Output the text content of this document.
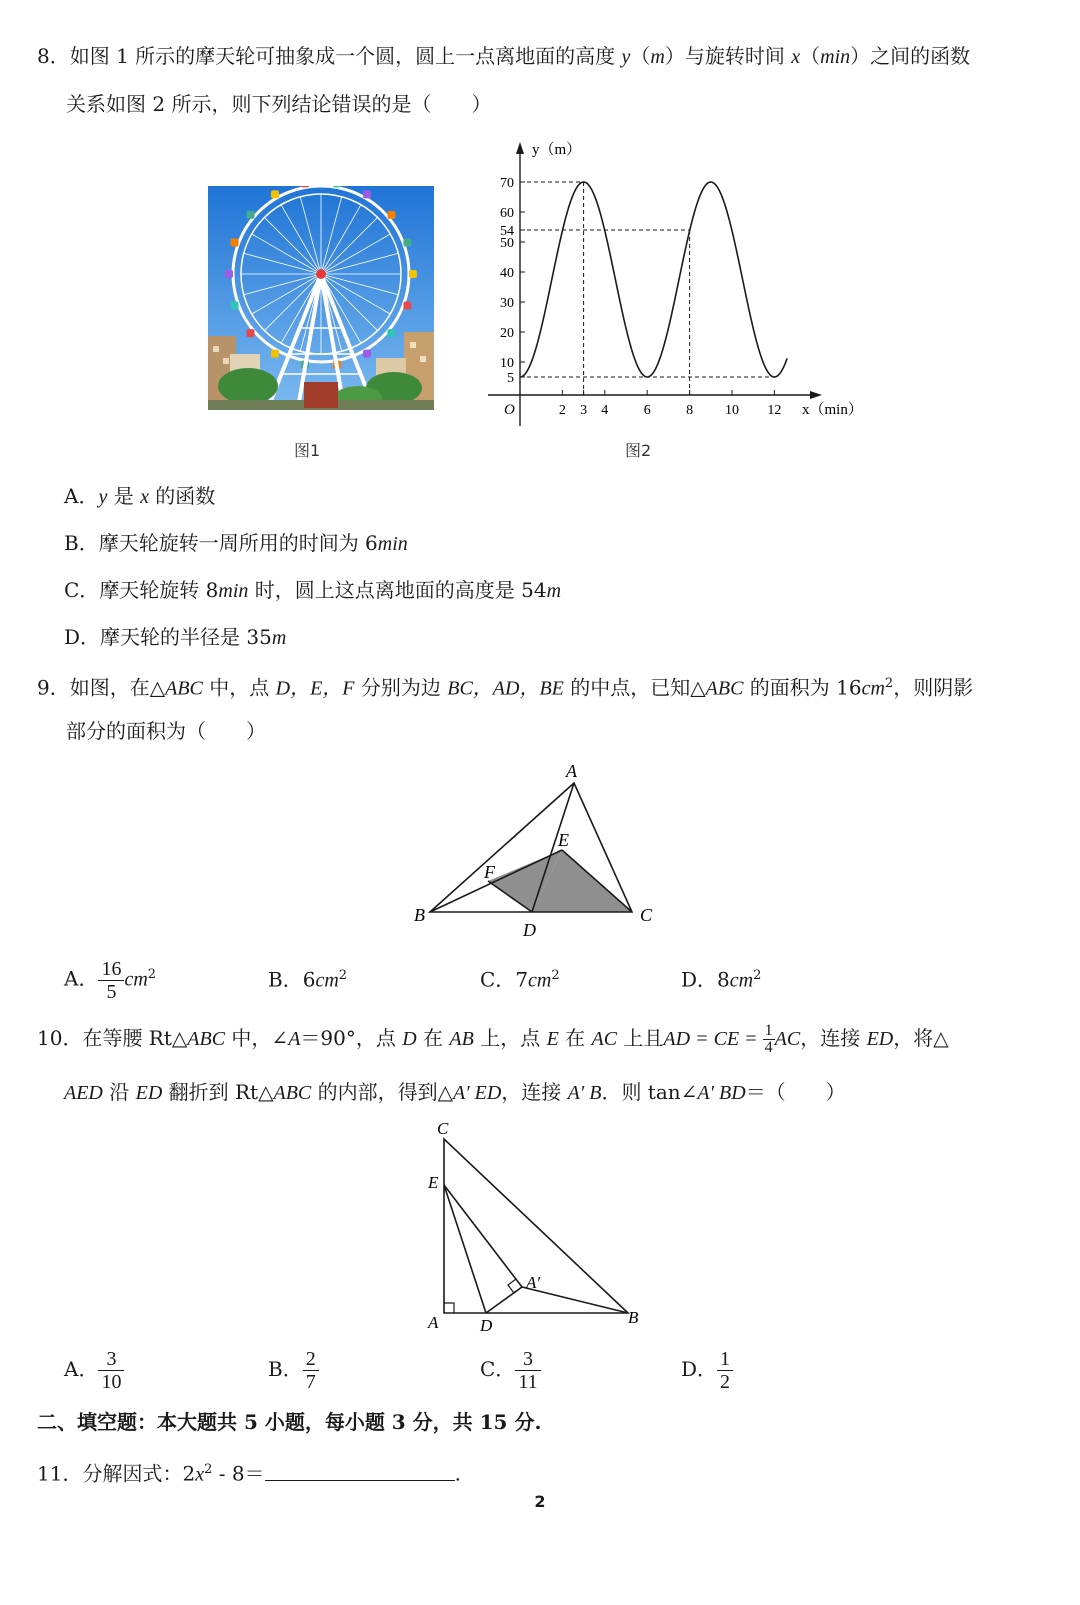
8．如图 1 所示的摩天轮可抽象成一个圆，圆上一点离地面的高度 y（m）与旋转时间 x（min）之间的函数
关系如图 2 所示，则下列结论错误的是（　　）
图1
y（m）
x（min）
O
70
60
54
50
40
30
20
10
5
2 3 4	6	8 10 12
图2
A．y 是 x 的函数
B．摩天轮旋转一周所用的时间为 6min
C．摩天轮旋转 8min 时，圆上这点离地面的高度是 54m
D．摩天轮的半径是 35m
9．如图，在△ABC 中，点 D，E，F 分别为边 BC，AD，BE 的中点，已知△ABC 的面积为 $16cm^2$，则阴影
部分的面积为（　　）
A
B	C
D
E
F
A． $\frac{16}{5} cm^2$	B．$6cm^2$	C．$7cm^2$	D．$8cm^2$
10．在等腰 Rt△ABC 中，∠A＝90°，点 D 在 AB 上，点 E 在 AC 上且AD = CE = $\frac{1}{4}$ AC，连接 ED，将△
AED 沿 ED 翻折到 Rt△ABC 的内部，得到△A′ ED，连接 A′ B．则 tan∠A′ BD＝（　　）
C
E
A′
A D	B
A． $\frac{3}{10}$	B． $\frac{2}{7}$	C． $\frac{3}{11}$	D． $\frac{1}{2}$
二、填空题：本大题共 5 小题，每小题 3 分，共 15 分.
11．分解因式：$2x^2 - 8=$	.
2
